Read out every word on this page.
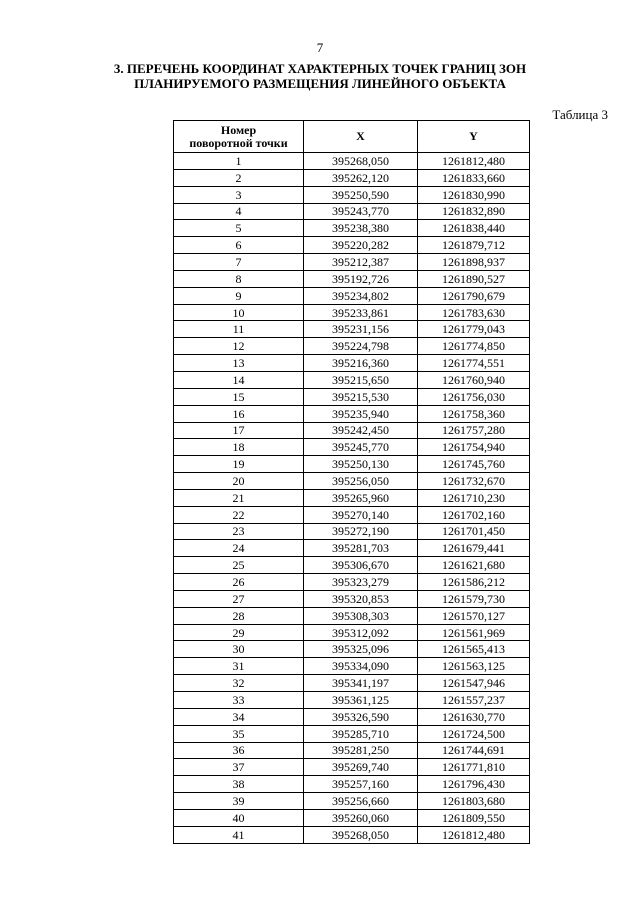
7
3. ПЕРЕЧЕНЬ КООРДИНАТ ХАРАКТЕРНЫХ ТОЧЕК ГРАНИЦ ЗОН
ПЛАНИРУЕМОГО РАЗМЕЩЕНИЯ ЛИНЕЙНОГО ОБЪЕКТА
Таблица 3
Номер
поворотной точки	X	Y
1	395268,050	1261812,480
2	395262,120	1261833,660
3	395250,590	1261830,990
4	395243,770	1261832,890
5	395238,380	1261838,440
6	395220,282	1261879,712
7	395212,387	1261898,937
8	395192,726	1261890,527
9	395234,802	1261790,679
10	395233,861	1261783,630
11	395231,156	1261779,043
12	395224,798	1261774,850
13	395216,360	1261774,551
14	395215,650	1261760,940
15	395215,530	1261756,030
16	395235,940	1261758,360
17	395242,450	1261757,280
18	395245,770	1261754,940
19	395250,130	1261745,760
20	395256,050	1261732,670
21	395265,960	1261710,230
22	395270,140	1261702,160
23	395272,190	1261701,450
24	395281,703	1261679,441
25	395306,670	1261621,680
26	395323,279	1261586,212
27	395320,853	1261579,730
28	395308,303	1261570,127
29	395312,092	1261561,969
30	395325,096	1261565,413
31	395334,090	1261563,125
32	395341,197	1261547,946
33	395361,125	1261557,237
34	395326,590	1261630,770
35	395285,710	1261724,500
36	395281,250	1261744,691
37	395269,740	1261771,810
38	395257,160	1261796,430
39	395256,660	1261803,680
40	395260,060	1261809,550
41	395268,050	1261812,480
